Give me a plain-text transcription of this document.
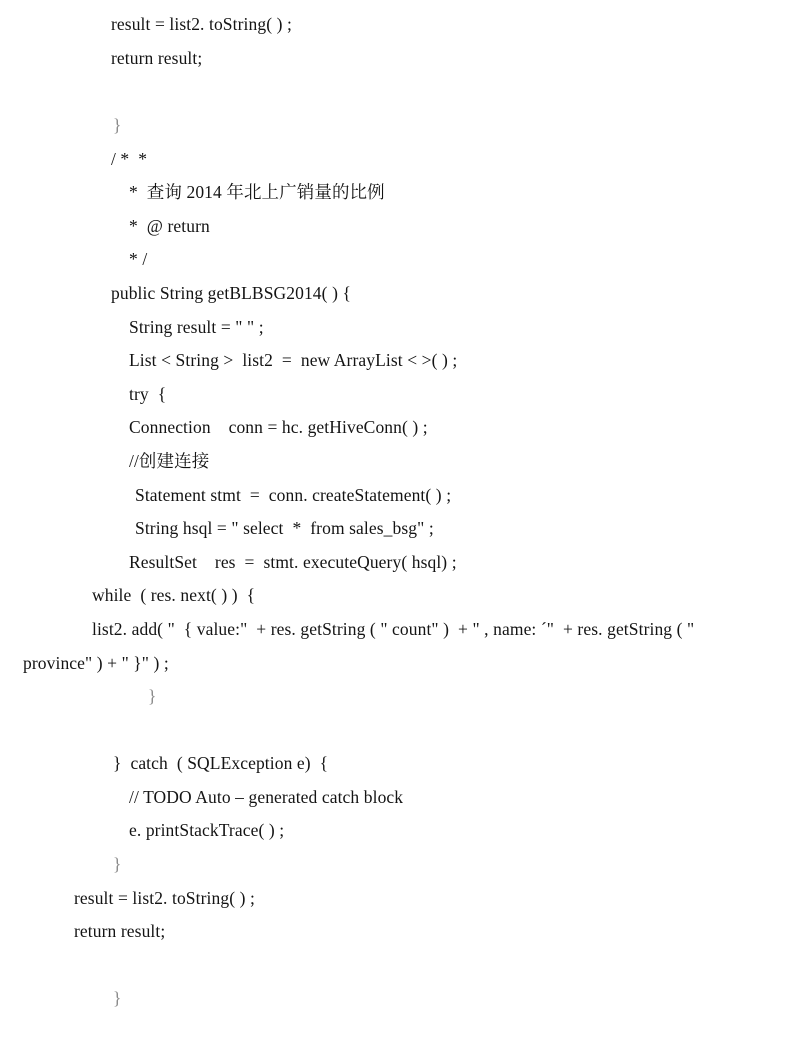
result = list2. toString( ) ;
return result;
}
/ *  *
*  查询 2014 年北上广销量的比例
*  @ return
* /
public String getBLBSG2014( ) {
String result = " " ;
List < String >  list2  =  new ArrayList < >( ) ;
try  {
Connection    conn = hc. getHiveConn( ) ;
//创建连接
Statement stmt  =  conn. createStatement( ) ;
String hsql = " select  *  from sales_bsg" ;
ResultSet    res  =  stmt. executeQuery( hsql) ;
while  ( res. next( ) )  {
list2. add( "  { value:"  + res. getString ( " count" )  + " , name: ´"  + res. getString ( "
province" ) + " }" ) ;
}
}  catch  ( SQLException e)  {
// TODO Auto – generated catch block
e. printStackTrace( ) ;
}
result = list2. toString( ) ;
return result;
}
